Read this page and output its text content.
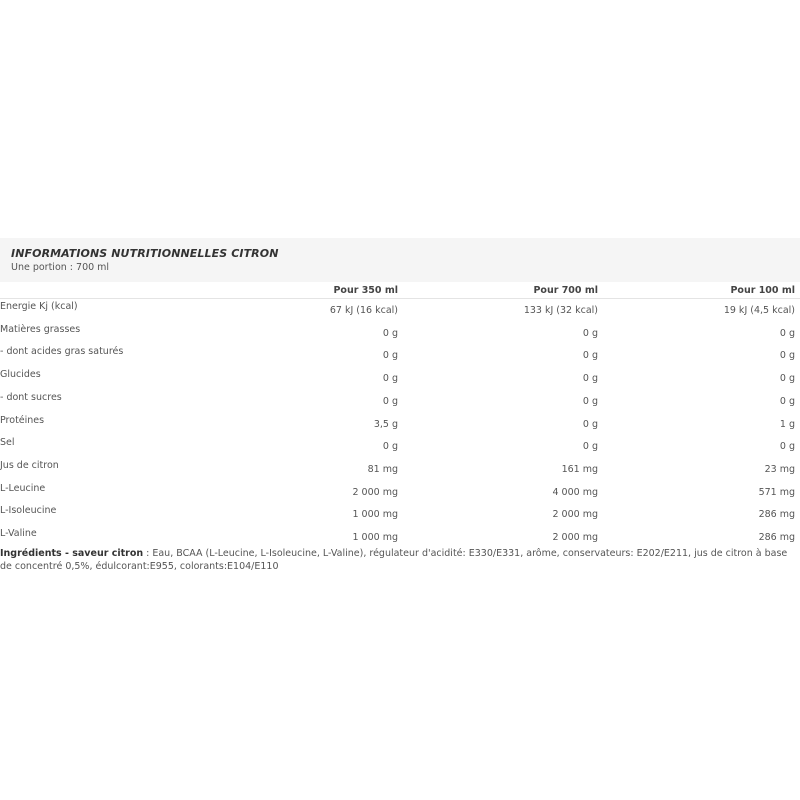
INFORMATIONS NUTRITIONNELLES CITRON
Une portion : 700 ml
Pour 350 ml	Pour 700 ml	Pour 100 ml
Energie Kj (kcal)	67 kJ (16 kcal)	133 kJ (32 kcal)	19 kJ (4,5 kcal)
Matières grasses	0 g	0 g	0 g
- dont acides gras saturés	0 g	0 g	0 g
Glucides	0 g	0 g	0 g
- dont sucres	0 g	0 g	0 g
Protéines	3,5 g	0 g	1 g
Sel	0 g	0 g	0 g
Jus de citron	81 mg	161 mg	23 mg
L-Leucine	2 000 mg	4 000 mg	571 mg
L-Isoleucine	1 000 mg	2 000 mg	286 mg
L-Valine	1 000 mg	2 000 mg	286 mg
Ingrédients - saveur citron : Eau, BCAA (L-Leucine, L-Isoleucine, L-Valine), régulateur d'acidité: E330/E331, arôme, conservateurs: E202/E211, jus de citron à base de concentré 0,5%, édulcorant:E955, colorants:E104/E110
